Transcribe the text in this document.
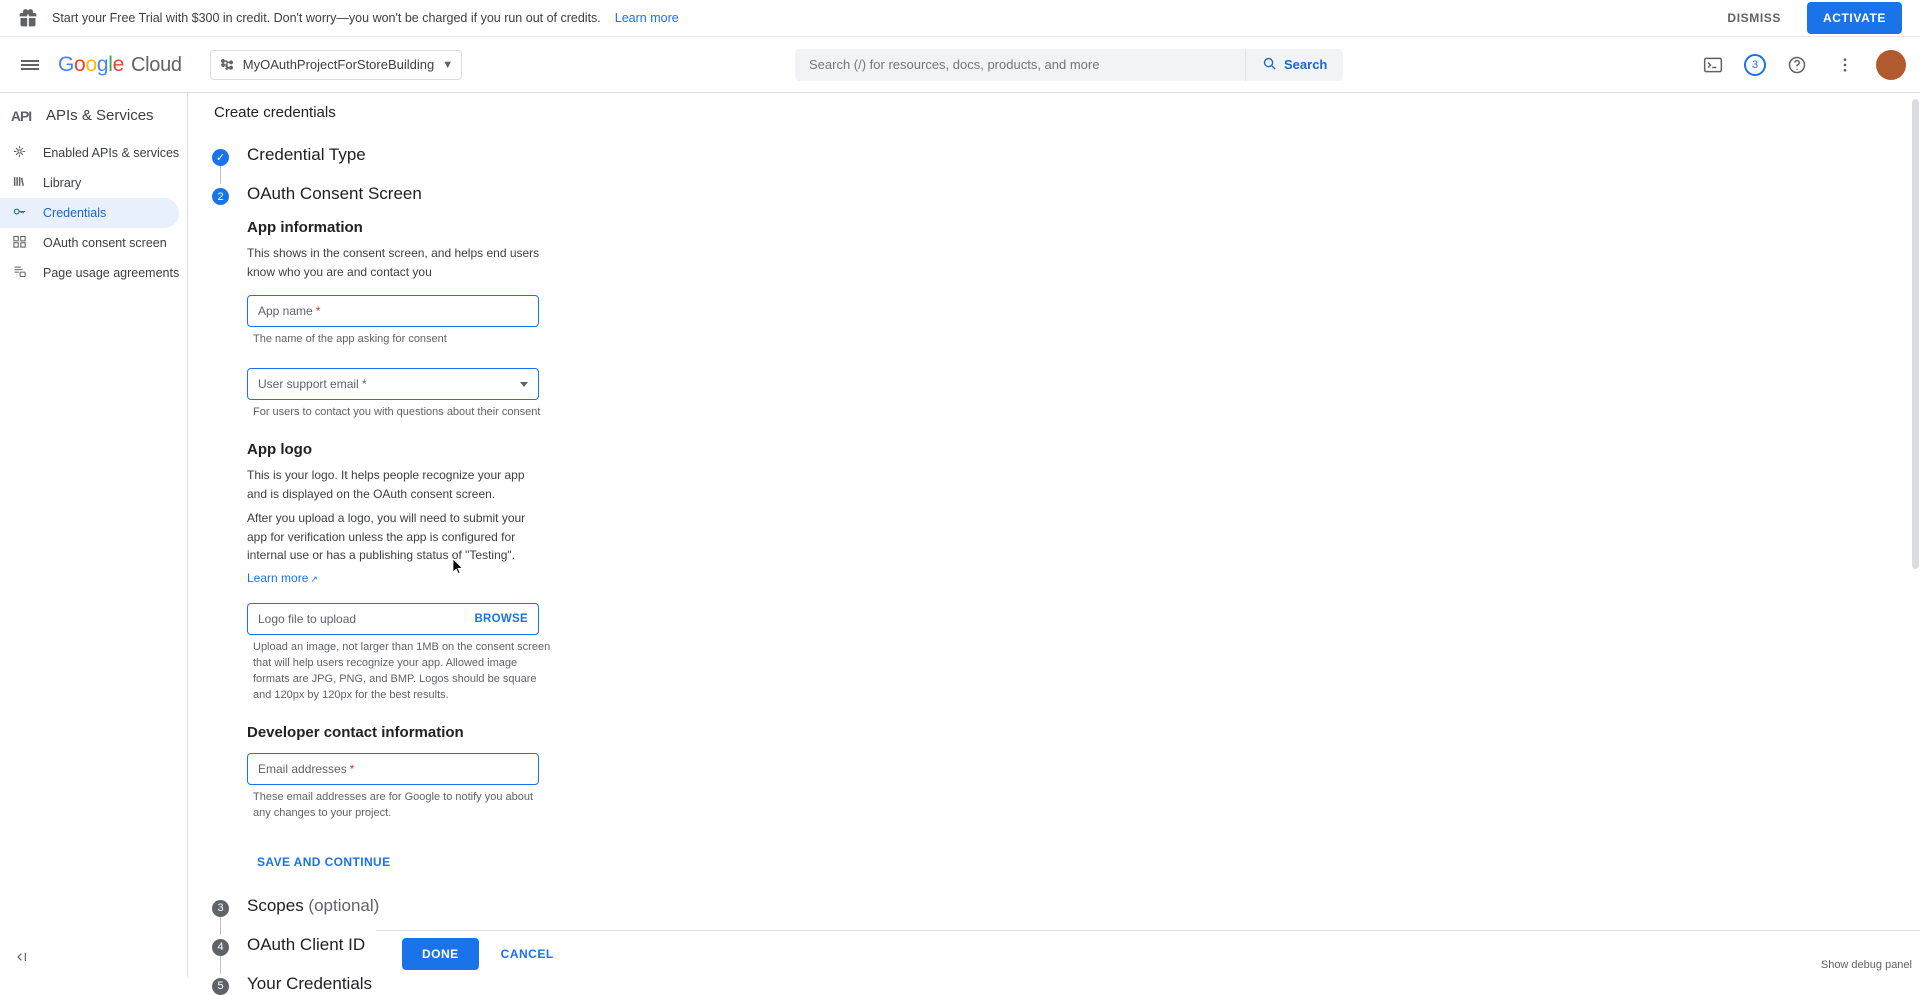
Start your Free Trial with $300 in credit. Don't worry—you won't be charged if you run out of credits. Learn more	DISMISS	ACTIVATE
G o o g l e Cloud	MyOAuthProjectForStoreBuilding ▼
Search (/) for resources, docs, products, and more	Search	3
API APIs & Services
Enabled APIs & services
Library
Credentials
OAuth consent screen
Page usage agreements
Create credentials
✓ Credential Type
2	OAuth Consent Screen
App information
This shows in the consent screen, and helps end users know who you are and contact you
App name *
The name of the app asking for consent
User support email *
For users to contact you with questions about their consent
App logo
This is your logo. It helps people recognize your app and is displayed on the OAuth consent screen.
After you upload a logo, you will need to submit your app for verification unless the app is configured for internal use or has a publishing status of "Testing".
Learn more ↗
Logo file to upload	BROWSE
Upload an image, not larger than 1MB on the consent screen that will help users recognize your app. Allowed image formats are JPG, PNG, and BMP. Logos should be square and 120px by 120px for the best results.
Developer contact information
Email addresses *
These email addresses are for Google to notify you about any changes to your project.
SAVE AND CONTINUE
3	Scopes (optional)
4	OAuth Client ID
5	Your Credentials
DONE	CANCEL
Show debug panel
